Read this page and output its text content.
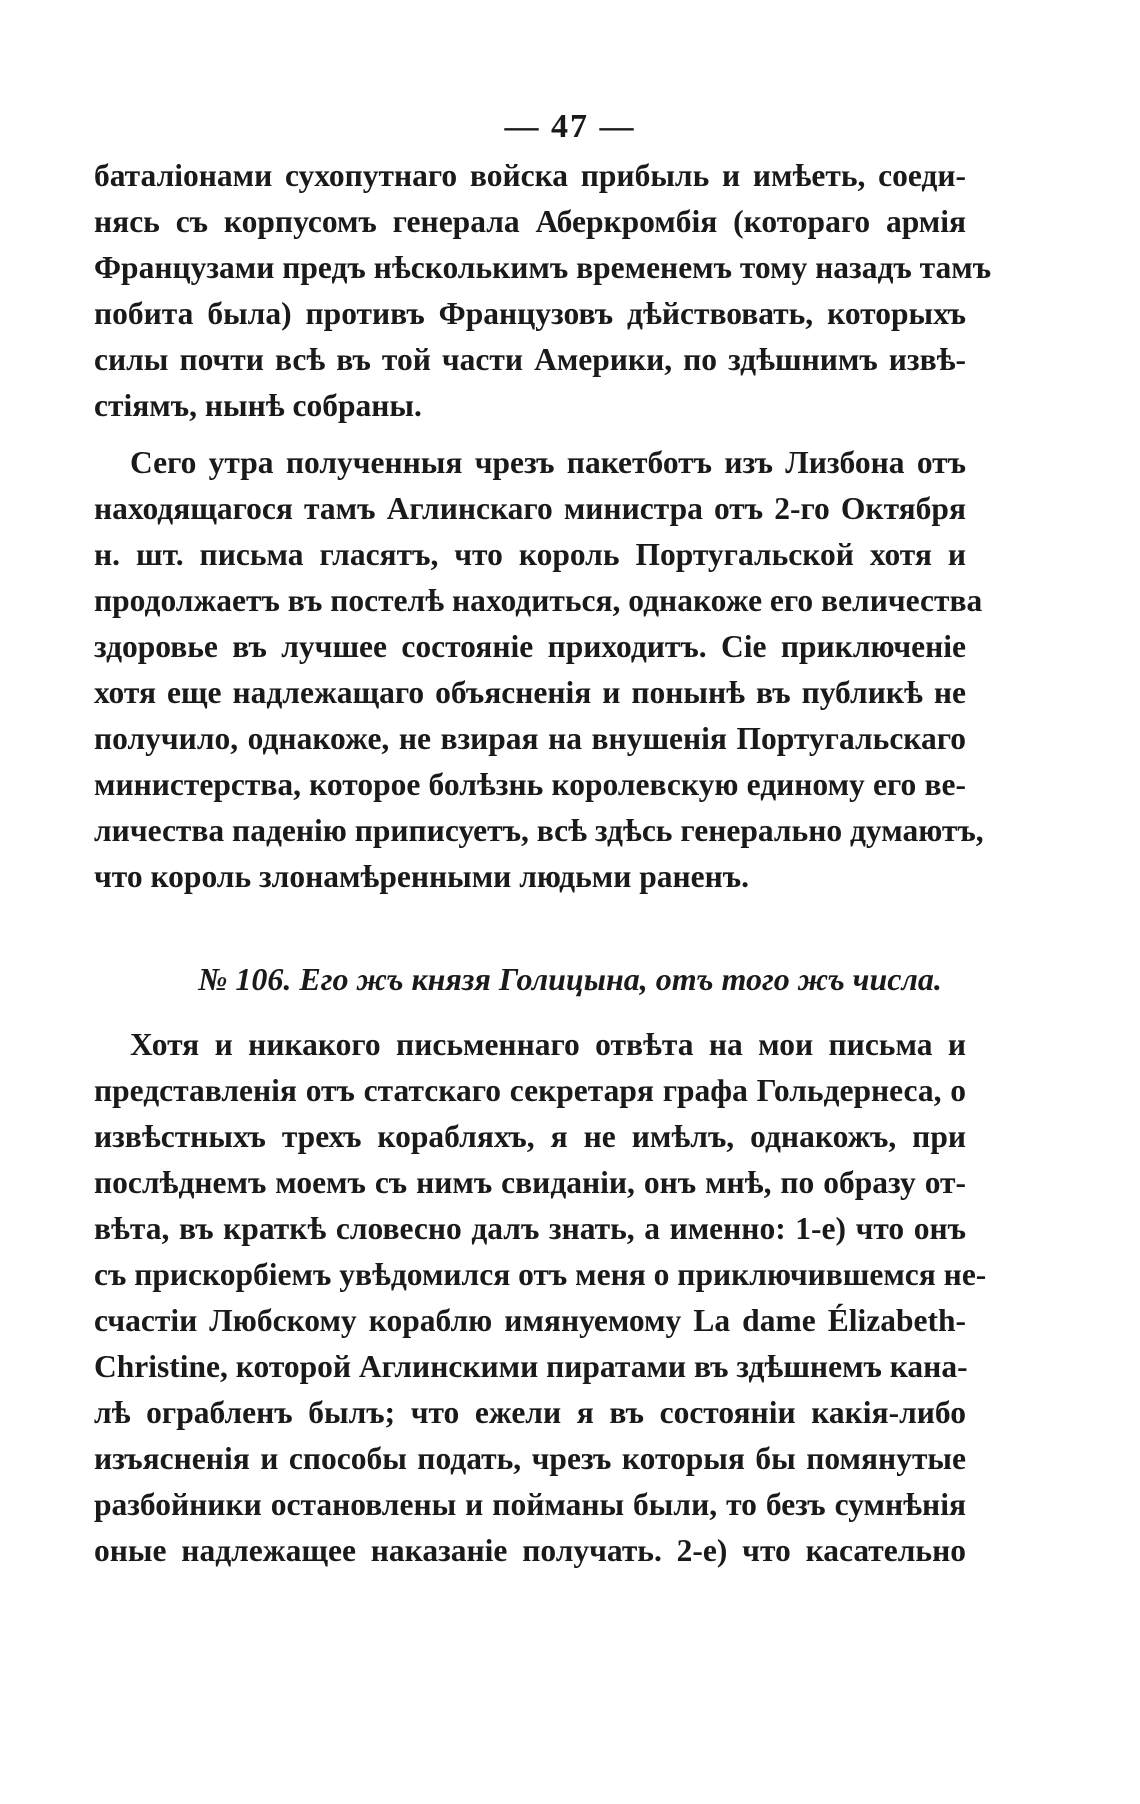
— 47 —
баталіонами сухопутнаго войска прибыль и имѣеть, соеди-
нясь съ корпусомъ генерала Аберкромбія (котораго армія
Французами предъ нѣсколькимъ временемъ тому назадъ тамъ
побита была) противъ Французовъ дѣйствовать, которыхъ
силы почти всѣ въ той части Америки, по здѣшнимъ извѣ-
стіямъ, нынѣ собраны.
Сего утра полученныя чрезъ пакетботъ изъ Лизбона отъ
находящагося тамъ Аглинскаго министра отъ 2-го Октября
н. шт. письма гласятъ, что король Португальской хотя и
продолжаетъ въ постелѣ находиться, однакоже его величества
здоровье въ лучшее состояніе приходитъ. Сіе приключеніе
хотя еще надлежащаго объясненія и понынѣ въ публикѣ не
получило, однакоже, не взирая на внушенія Португальскаго
министерства, которое болѣзнь королевскую единому его ве-
личества паденію приписуетъ, всѣ здѣсь генерально думаютъ,
что король злонамѣренными людьми раненъ.
№ 106. Его жъ князя Голицына, отъ того жъ числа.
Хотя и никакого письменнаго отвѣта на мои письма и
представленія отъ статскаго секретаря графа Гольдернеса, о
извѣстныхъ трехъ корабляхъ, я не имѣлъ, однакожъ, при
послѣднемъ моемъ съ нимъ свиданіи, онъ мнѣ, по образу от-
вѣта, въ краткѣ словесно далъ знать, а именно: 1-е) что онъ
съ прискорбіемъ увѣдомился отъ меня о приключившемся не-
счастіи Любскому кораблю имянуемому La dame Élizabeth-
Christine, которой Аглинскими пиратами въ здѣшнемъ кана-
лѣ ограбленъ былъ; что ежели я въ состояніи какія-либо
изъясненія и способы подать, чрезъ которыя бы помянутые
разбойники остановлены и пойманы были, то безъ сумнѣнія
оные надлежащее наказаніе получать. 2-е) что касательно
